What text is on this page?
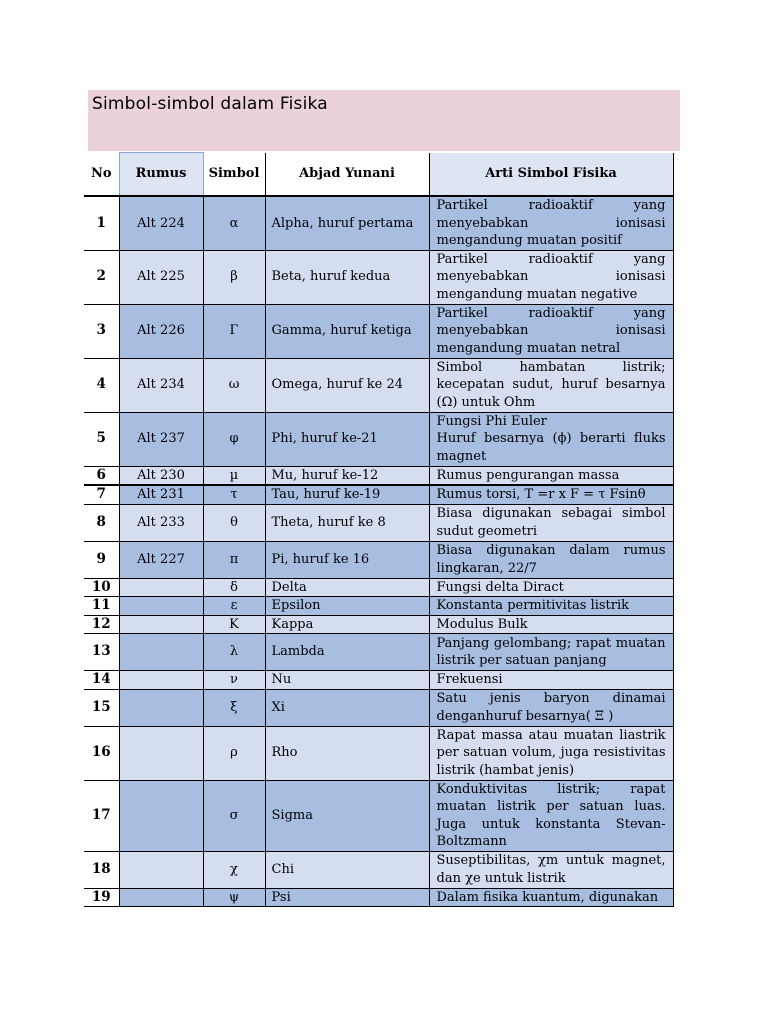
Simbol-simbol dalam Fisika
No	Rumus	Simbol	Abjad Yunani	Arti Simbol Fisika
1	Alt 224	α	Alpha, huruf pertama	Partikel radioaktif yang menyebabkan ionisasi mengandung muatan positif
2	Alt 225	β	Beta, huruf kedua	Partikel radioaktif yang menyebabkan ionisasi mengandung muatan negative
3	Alt 226	Γ	Gamma, huruf ketiga	Partikel radioaktif yang menyebabkan ionisasi mengandung muatan netral
4	Alt 234	ω	Omega, huruf ke 24	Simbol hambatan listrik; kecepatan sudut, huruf besarnya (Ω) untuk Ohm
5	Alt 237	φ	Phi, huruf ke-21	Fungsi Phi Euler
Huruf besarnya (ϕ) berarti fluks magnet
6	Alt 230	µ	Mu, huruf ke-12	Rumus pengurangan massa
7	Alt 231	τ	Tau, huruf ke-19	Rumus torsi, T =r x F = τ Fsinθ
8	Alt 233	θ	Theta, huruf ke 8	Biasa digunakan sebagai simbol sudut geometri
9	Alt 227	π	Pi, huruf ke 16	Biasa digunakan dalam rumus lingkaran, 22/7
10		δ	Delta	Fungsi delta Diract
11		ε	Epsilon	Konstanta permitivitas listrik
12		Κ	Kappa	Modulus Bulk
13		λ	Lambda	Panjang gelombang; rapat muatan listrik per satuan panjang
14		ν	Nu	Frekuensi
15		ξ	Xi	Satu jenis baryon dinamai denganhuruf besarnya( Ξ )
16		ρ	Rho	Rapat massa atau muatan liastrik per satuan volum, juga resistivitas listrik (hambat jenis)
17		σ	Sigma	Konduktivitas listrik; rapat muatan listrik per satuan luas. Juga untuk konstanta Stevan-Boltzmann
18		χ	Chi	Suseptibilitas, χm untuk magnet, dan χe untuk listrik
19		ψ	Psi	Dalam fisika kuantum, digunakan
